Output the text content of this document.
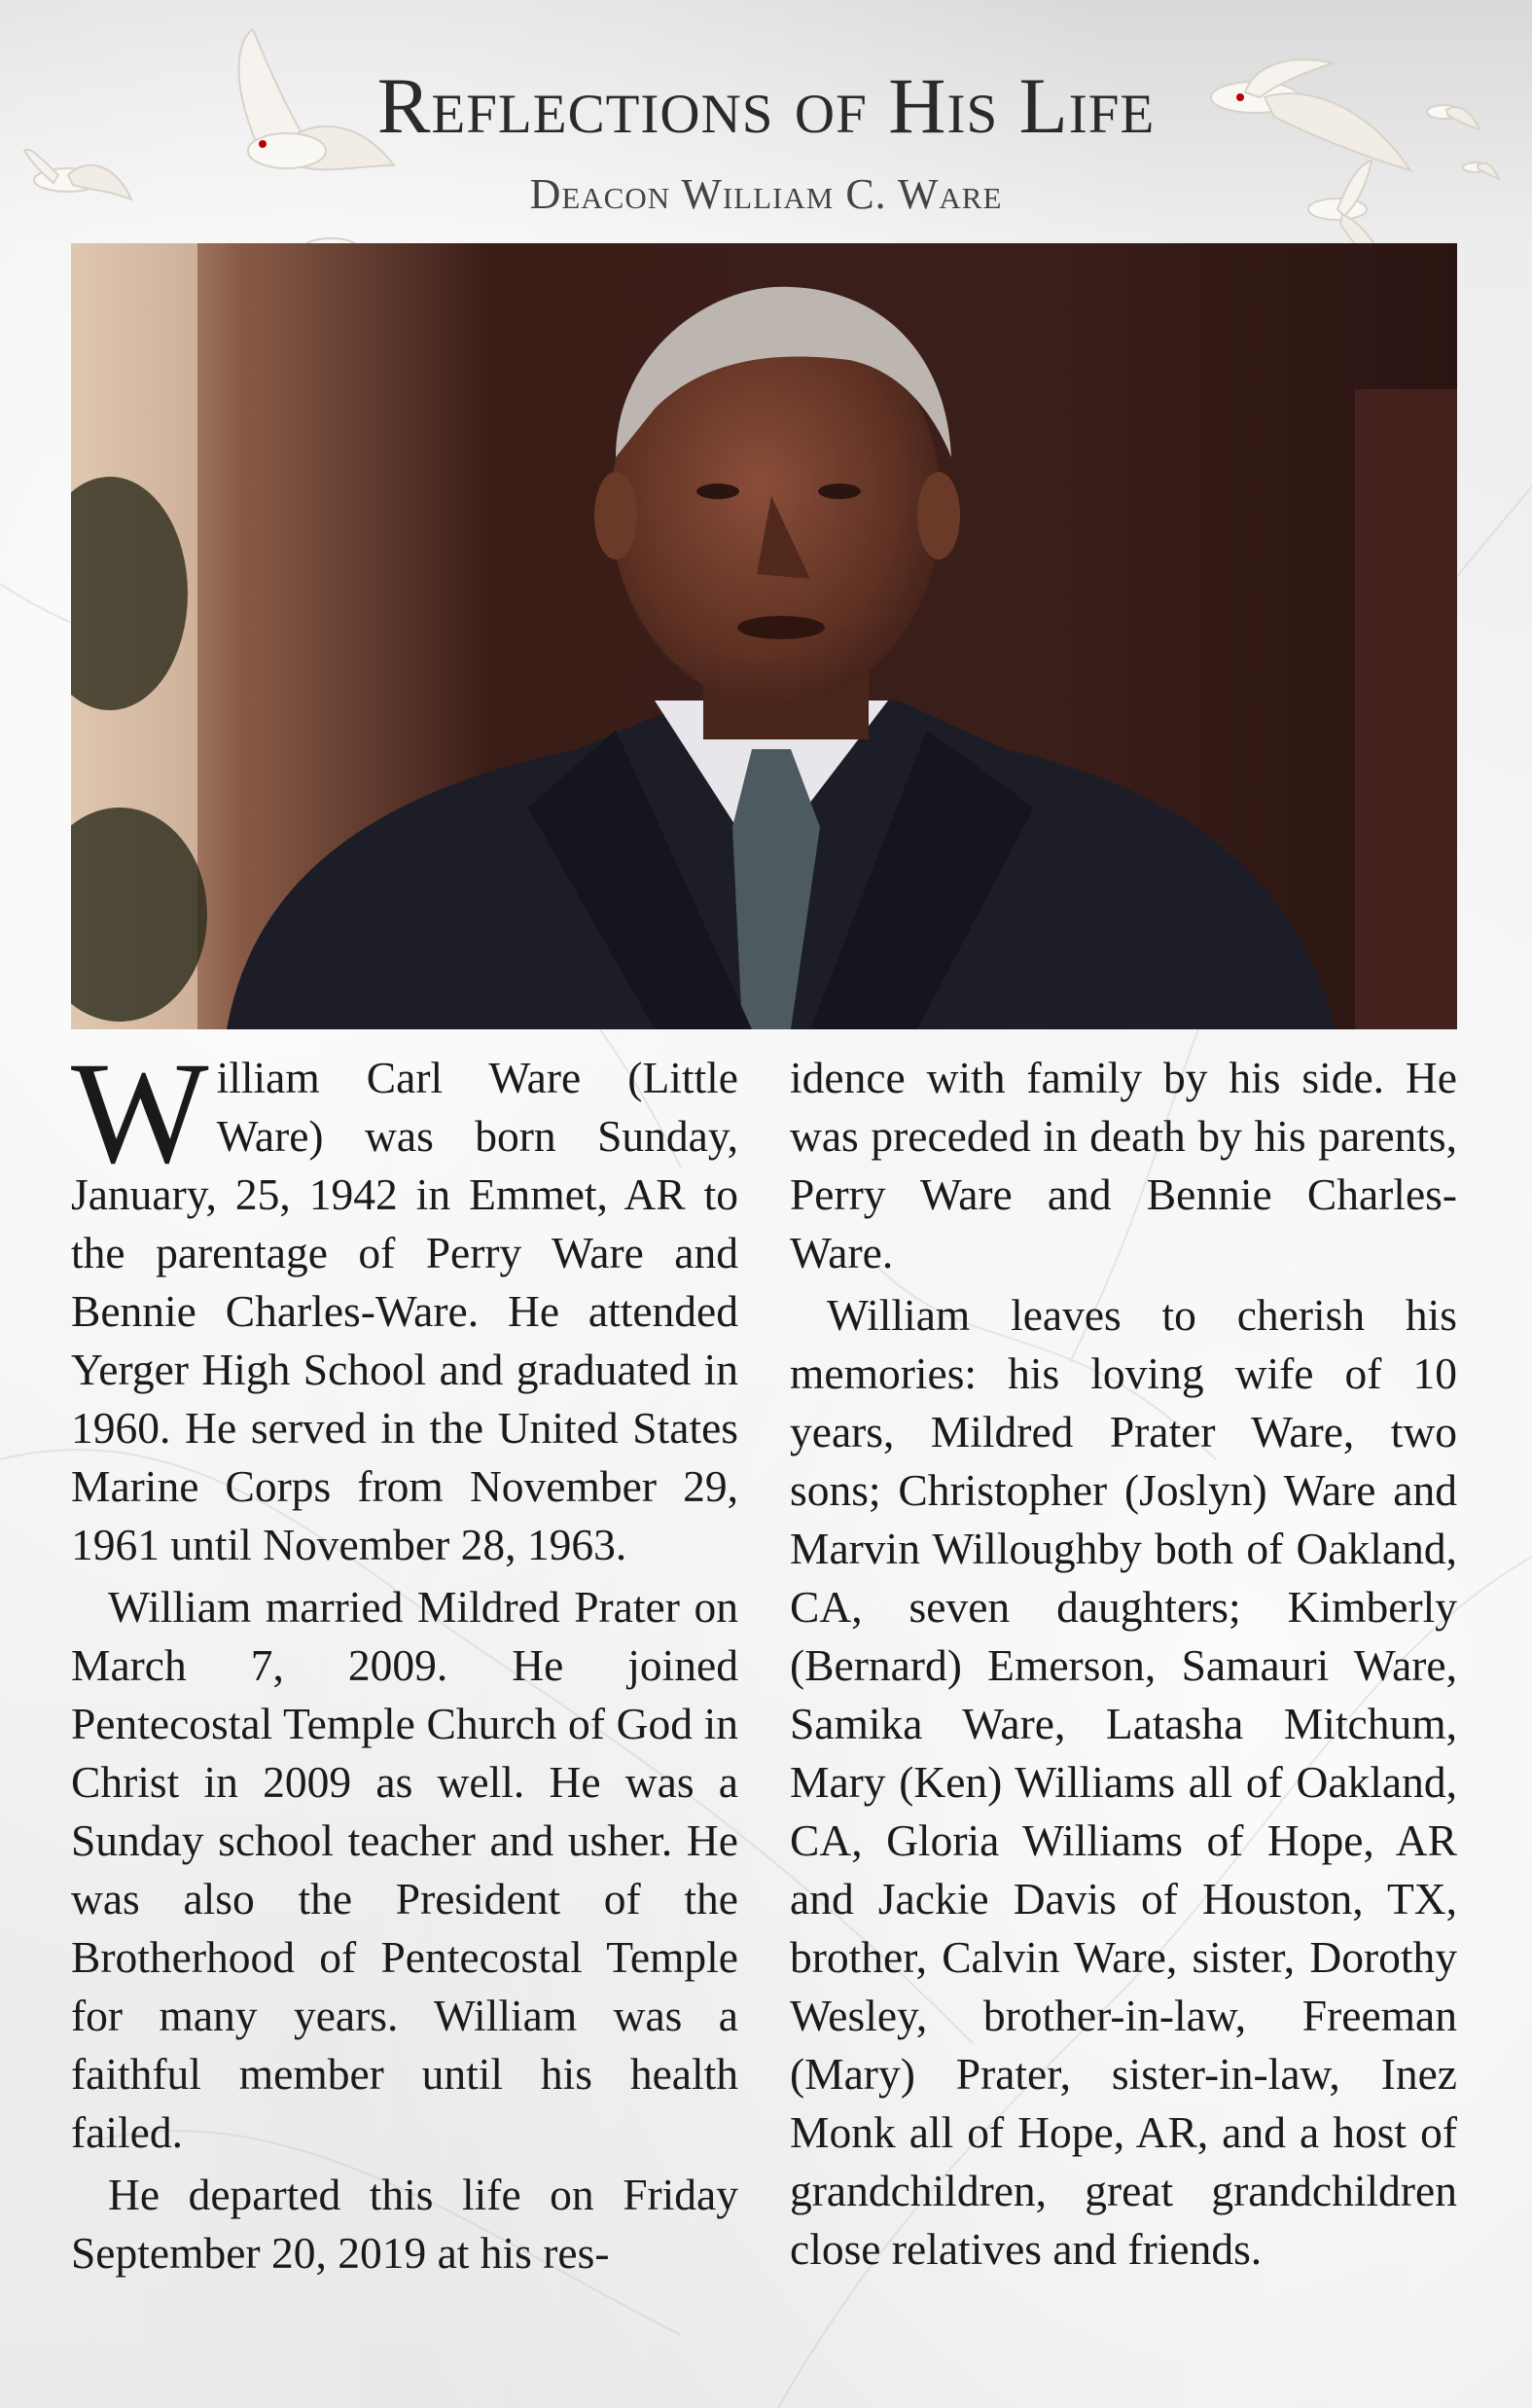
Reflections of His Life
Deacon William C. Ware

William Carl Ware (Little Ware) was born Sunday, January, 25, 1942 in Emmet, AR to the parentage of Perry Ware and Bennie Charles-Ware. He attended Yerger High School and graduated in 1960. He served in the United States Marine Corps from November 29, 1961 until November 28, 1963.

William married Mildred Prater on March 7, 2009. He joined Pentecostal Temple Church of God in Christ in 2009 as well. He was a Sunday school teacher and usher. He was also the President of the Brotherhood of Pentecostal Temple for many years. William was a faithful member until his health failed.

He departed this life on Friday September 20, 2019 at his res-

idence with family by his side. He was preceded in death by his parents, Perry Ware and Bennie Charles-Ware.

William leaves to cherish his memories: his loving wife of 10 years, Mildred Prater Ware, two sons; Christopher (Joslyn) Ware and Marvin Willoughby both of Oakland, CA, seven daughters; Kimberly (Bernard) Emerson, Samauri Ware, Samika Ware, Latasha Mitchum, Mary (Ken) Williams all of Oakland, CA, Gloria Williams of Hope, AR and Jackie Davis of Houston, TX, brother, Calvin Ware, sister, Dorothy Wesley, brother-in-law, Freeman (Mary) Prater, sister-in-law, Inez Monk all of Hope, AR, and a host of grandchildren, great grandchildren close relatives and friends.
